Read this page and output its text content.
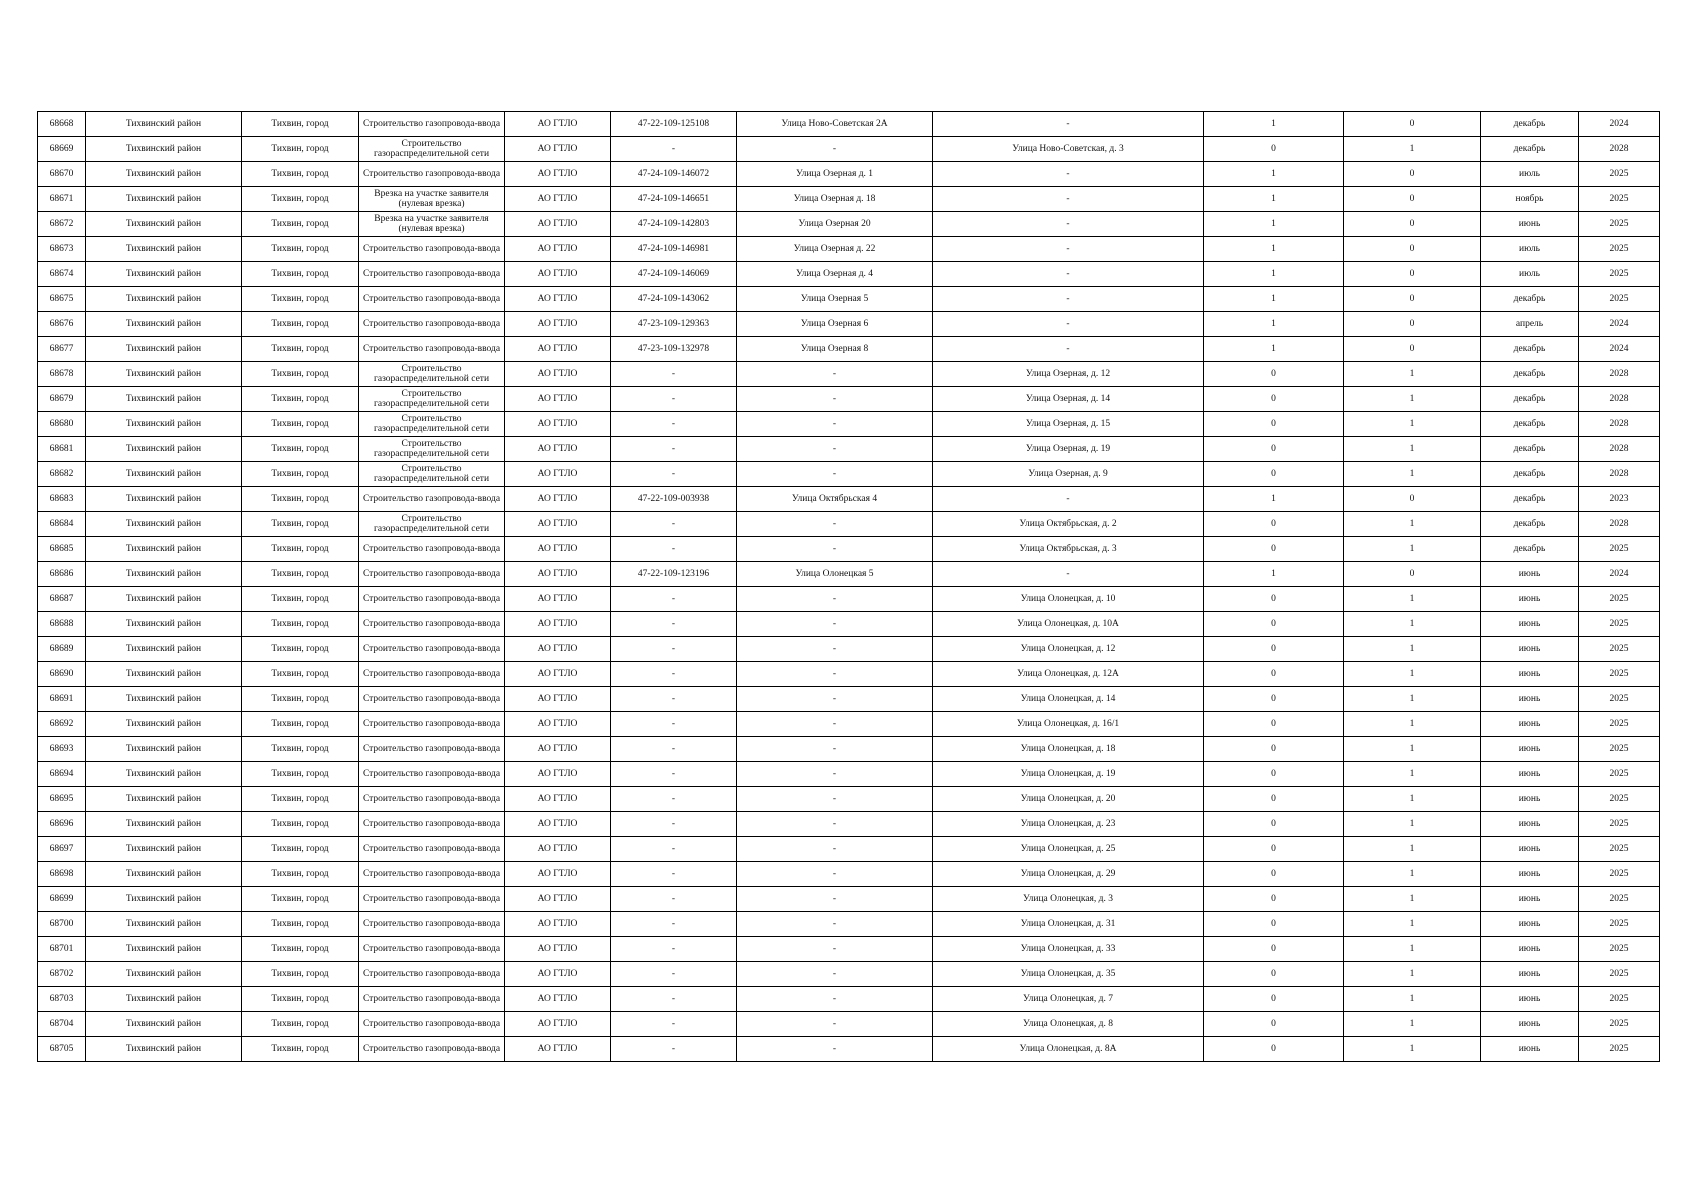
68668	Тихвинский район	Тихвин, город	Строительство газопровода-ввода	АО ГТЛО	47-22-109-125108	Улица Ново-Советская 2А	-	1	0	декабрь	2024
68669	Тихвинский район	Тихвин, город	Строительство газораспределительной сети	АО ГТЛО	-	-	Улица Ново-Советская, д. 3	0	1	декабрь	2028
68670	Тихвинский район	Тихвин, город	Строительство газопровода-ввода	АО ГТЛО	47-24-109-146072	Улица Озерная д. 1	-	1	0	июль	2025
68671	Тихвинский район	Тихвин, город	Врезка на участке заявителя (нулевая врезка)	АО ГТЛО	47-24-109-146651	Улица Озерная д. 18	-	1	0	ноябрь	2025
68672	Тихвинский район	Тихвин, город	Врезка на участке заявителя (нулевая врезка)	АО ГТЛО	47-24-109-142803	Улица Озерная 20	-	1	0	июнь	2025
68673	Тихвинский район	Тихвин, город	Строительство газопровода-ввода	АО ГТЛО	47-24-109-146981	Улица Озерная д. 22	-	1	0	июль	2025
68674	Тихвинский район	Тихвин, город	Строительство газопровода-ввода	АО ГТЛО	47-24-109-146069	Улица Озерная д. 4	-	1	0	июль	2025
68675	Тихвинский район	Тихвин, город	Строительство газопровода-ввода	АО ГТЛО	47-24-109-143062	Улица Озерная 5	-	1	0	декабрь	2025
68676	Тихвинский район	Тихвин, город	Строительство газопровода-ввода	АО ГТЛО	47-23-109-129363	Улица Озерная 6	-	1	0	апрель	2024
68677	Тихвинский район	Тихвин, город	Строительство газопровода-ввода	АО ГТЛО	47-23-109-132978	Улица Озерная 8	-	1	0	декабрь	2024
68678	Тихвинский район	Тихвин, город	Строительство газораспределительной сети	АО ГТЛО	-	-	Улица Озерная, д. 12	0	1	декабрь	2028
68679	Тихвинский район	Тихвин, город	Строительство газораспределительной сети	АО ГТЛО	-	-	Улица Озерная, д. 14	0	1	декабрь	2028
68680	Тихвинский район	Тихвин, город	Строительство газораспределительной сети	АО ГТЛО	-	-	Улица Озерная, д. 15	0	1	декабрь	2028
68681	Тихвинский район	Тихвин, город	Строительство газораспределительной сети	АО ГТЛО	-	-	Улица Озерная, д. 19	0	1	декабрь	2028
68682	Тихвинский район	Тихвин, город	Строительство газораспределительной сети	АО ГТЛО	-	-	Улица Озерная, д. 9	0	1	декабрь	2028
68683	Тихвинский район	Тихвин, город	Строительство газопровода-ввода	АО ГТЛО	47-22-109-003938	Улица Октябрьская 4	-	1	0	декабрь	2023
68684	Тихвинский район	Тихвин, город	Строительство газораспределительной сети	АО ГТЛО	-	-	Улица Октябрьская, д. 2	0	1	декабрь	2028
68685	Тихвинский район	Тихвин, город	Строительство газопровода-ввода	АО ГТЛО	-	-	Улица Октябрьская, д. 3	0	1	декабрь	2025
68686	Тихвинский район	Тихвин, город	Строительство газопровода-ввода	АО ГТЛО	47-22-109-123196	Улица Олонецкая 5	-	1	0	июнь	2024
68687	Тихвинский район	Тихвин, город	Строительство газопровода-ввода	АО ГТЛО	-	-	Улица Олонецкая, д. 10	0	1	июнь	2025
68688	Тихвинский район	Тихвин, город	Строительство газопровода-ввода	АО ГТЛО	-	-	Улица Олонецкая, д. 10А	0	1	июнь	2025
68689	Тихвинский район	Тихвин, город	Строительство газопровода-ввода	АО ГТЛО	-	-	Улица Олонецкая, д. 12	0	1	июнь	2025
68690	Тихвинский район	Тихвин, город	Строительство газопровода-ввода	АО ГТЛО	-	-	Улица Олонецкая, д. 12А	0	1	июнь	2025
68691	Тихвинский район	Тихвин, город	Строительство газопровода-ввода	АО ГТЛО	-	-	Улица Олонецкая, д. 14	0	1	июнь	2025
68692	Тихвинский район	Тихвин, город	Строительство газопровода-ввода	АО ГТЛО	-	-	Улица Олонецкая, д. 16/1	0	1	июнь	2025
68693	Тихвинский район	Тихвин, город	Строительство газопровода-ввода	АО ГТЛО	-	-	Улица Олонецкая, д. 18	0	1	июнь	2025
68694	Тихвинский район	Тихвин, город	Строительство газопровода-ввода	АО ГТЛО	-	-	Улица Олонецкая, д. 19	0	1	июнь	2025
68695	Тихвинский район	Тихвин, город	Строительство газопровода-ввода	АО ГТЛО	-	-	Улица Олонецкая, д. 20	0	1	июнь	2025
68696	Тихвинский район	Тихвин, город	Строительство газопровода-ввода	АО ГТЛО	-	-	Улица Олонецкая, д. 23	0	1	июнь	2025
68697	Тихвинский район	Тихвин, город	Строительство газопровода-ввода	АО ГТЛО	-	-	Улица Олонецкая, д. 25	0	1	июнь	2025
68698	Тихвинский район	Тихвин, город	Строительство газопровода-ввода	АО ГТЛО	-	-	Улица Олонецкая, д. 29	0	1	июнь	2025
68699	Тихвинский район	Тихвин, город	Строительство газопровода-ввода	АО ГТЛО	-	-	Улица Олонецкая, д. 3	0	1	июнь	2025
68700	Тихвинский район	Тихвин, город	Строительство газопровода-ввода	АО ГТЛО	-	-	Улица Олонецкая, д. 31	0	1	июнь	2025
68701	Тихвинский район	Тихвин, город	Строительство газопровода-ввода	АО ГТЛО	-	-	Улица Олонецкая, д. 33	0	1	июнь	2025
68702	Тихвинский район	Тихвин, город	Строительство газопровода-ввода	АО ГТЛО	-	-	Улица Олонецкая, д. 35	0	1	июнь	2025
68703	Тихвинский район	Тихвин, город	Строительство газопровода-ввода	АО ГТЛО	-	-	Улица Олонецкая, д. 7	0	1	июнь	2025
68704	Тихвинский район	Тихвин, город	Строительство газопровода-ввода	АО ГТЛО	-	-	Улица Олонецкая, д. 8	0	1	июнь	2025
68705	Тихвинский район	Тихвин, город	Строительство газопровода-ввода	АО ГТЛО	-	-	Улица Олонецкая, д. 8А	0	1	июнь	2025
